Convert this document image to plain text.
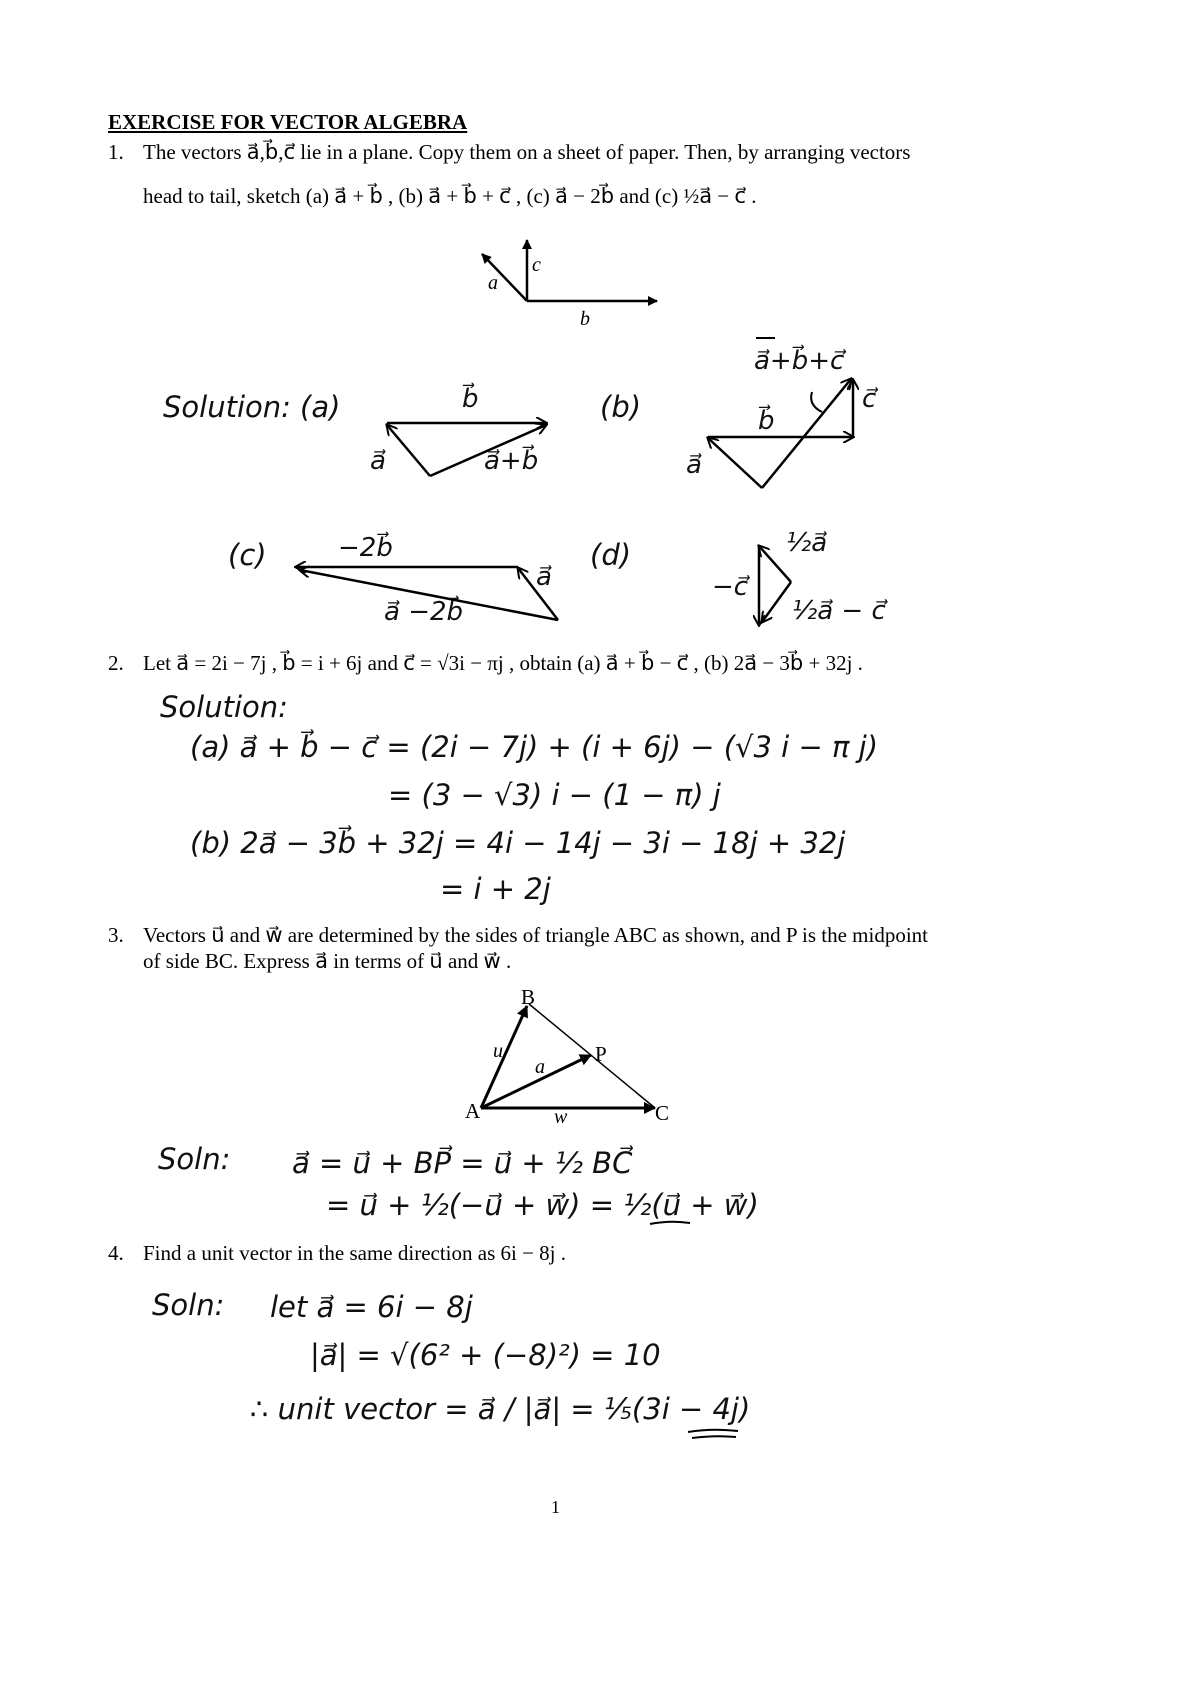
EXERCISE FOR VECTOR ALGEBRA
1. The vectors a⃗,b⃗,c⃗ lie in a plane. Copy them on a sheet of paper. Then, by arranging vectors
head to tail, sketch (a) a⃗ + b⃗ , (b) a⃗ + b⃗ + c⃗ , (c) a⃗ − 2b⃗ and (c) ½a⃗ − c⃗ .
c⃗
a⃗
b⃗
Solution: (a)	(b)
(c)	(d)
b⃗
a⃗	a⃗+b⃗
a⃗+b⃗+c⃗
b⃗
a⃗
c⃗
−2b⃗
a⃗
a⃗ −2b⃗
½a⃗
−c⃗
½a⃗ − c⃗
2. Let a⃗ = 2i − 7j , b⃗ = i + 6j and c⃗ = √3i − πj , obtain (a) a⃗ + b⃗ − c⃗ , (b) 2a⃗ − 3b⃗ + 32j .
Solution:
(a) a⃗ + b⃗ − c⃗ = (2i − 7j) + (i + 6j) − (√3 i − π j)
= (3 − √3) i − (1 − π) j
(b) 2a⃗ − 3b⃗ + 32j = 4i − 14j − 3i − 18j + 32j
= i + 2j
3. Vectors u⃗ and w⃗ are determined by the sides of triangle ABC as shown, and P is the midpoint
of side BC. Express a⃗ in terms of u⃗ and w⃗ .
B
P
A	C
u⃗
a⃗
w⃗
Soln: a⃗ = u⃗ + BP⃗ = u⃗ + ½ BC⃗
= u⃗ + ½(−u⃗ + w⃗) = ½(u⃗ + w⃗)
4. Find a unit vector in the same direction as 6i − 8j .
Soln: let a⃗ = 6i − 8j
|a⃗| = √(6² + (−8)²) = 10
∴ unit vector = a⃗ / |a⃗| = ⅕(3i − 4j)
1
